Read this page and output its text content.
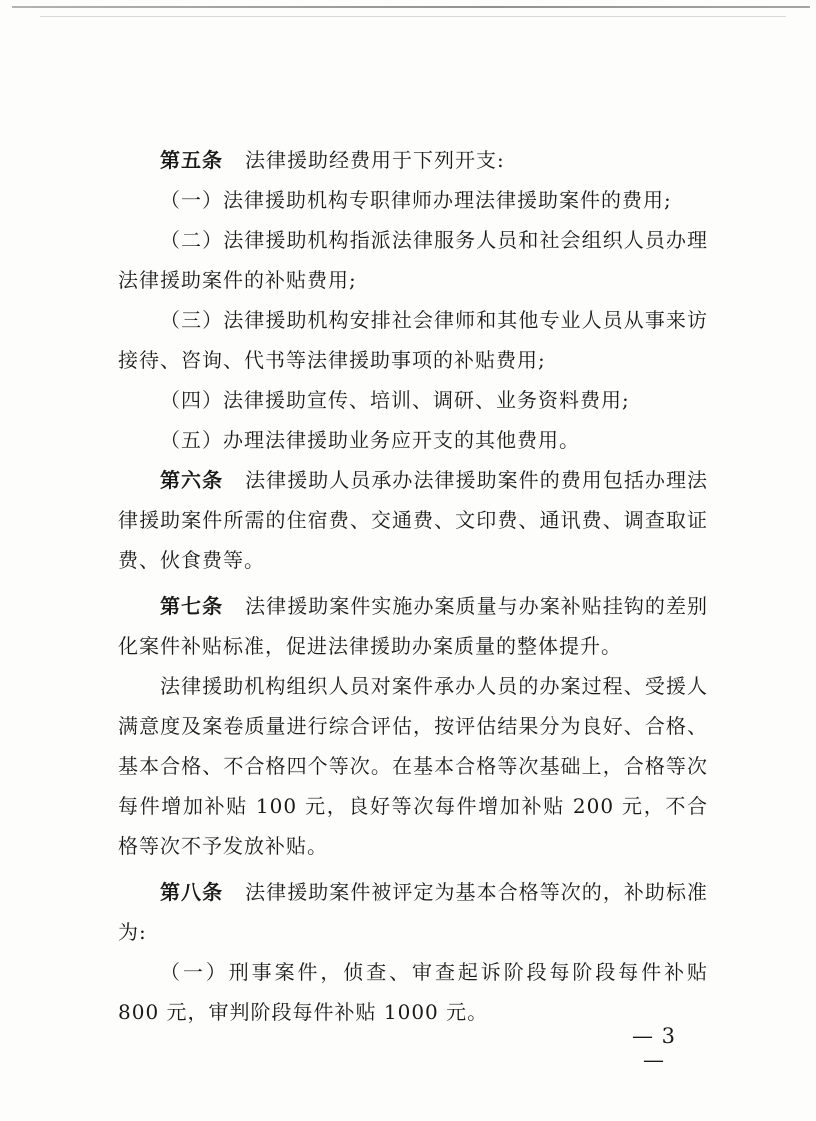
第五条 法律援助经费用于下列开支:

（一）法律援助机构专职律师办理法律援助案件的费用;

（二）法律援助机构指派法律服务人员和社会组织人员办理法律援助案件的补贴费用;

（三）法律援助机构安排社会律师和其他专业人员从事来访接待、咨询、代书等法律援助事项的补贴费用;

（四）法律援助宣传、培训、调研、业务资料费用;

（五）办理法律援助业务应开支的其他费用。

第六条 法律援助人员承办法律援助案件的费用包括办理法律援助案件所需的住宿费、交通费、文印费、通讯费、调查取证费、伙食费等。

第七条 法律援助案件实施办案质量与办案补贴挂钩的差别化案件补贴标准，促进法律援助办案质量的整体提升。

法律援助机构组织人员对案件承办人员的办案过程、受援人满意度及案卷质量进行综合评估，按评估结果分为良好、合格、基本合格、不合格四个等次。在基本合格等次基础上，合格等次每件增加补贴 100 元，良好等次每件增加补贴 200 元，不合格等次不予发放补贴。

第八条 法律援助案件被评定为基本合格等次的，补助标准为:

（一）刑事案件，侦查、审查起诉阶段每阶段每件补贴 800 元，审判阶段每件补贴 1000 元。

— 3 —
